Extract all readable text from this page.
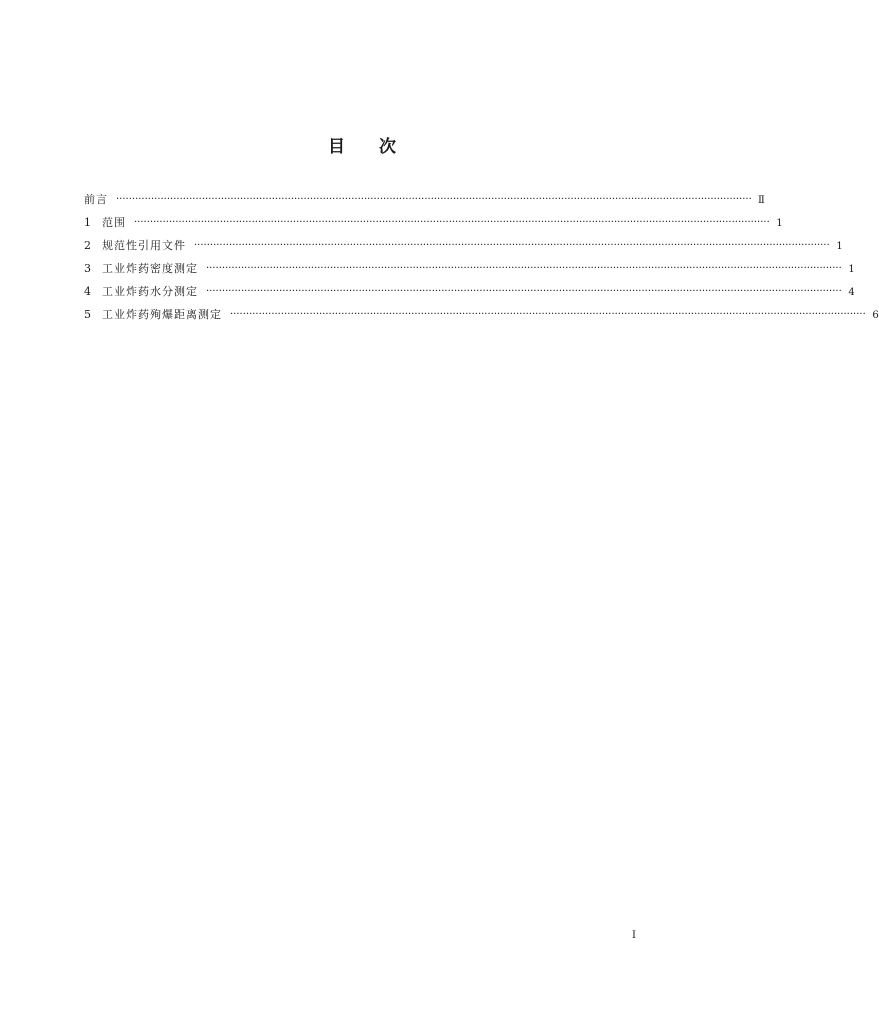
目　　次
前言 ········································································································································································································ Ⅱ
1	范围 ········································································································································································································ 1
2	规范性引用文件 ········································································································································································································ 1
3	工业炸药密度测定 ········································································································································································································ 1
4	工业炸药水分测定 ········································································································································································································ 4
5	工业炸药殉爆距离测定 ········································································································································································································ 6
I
